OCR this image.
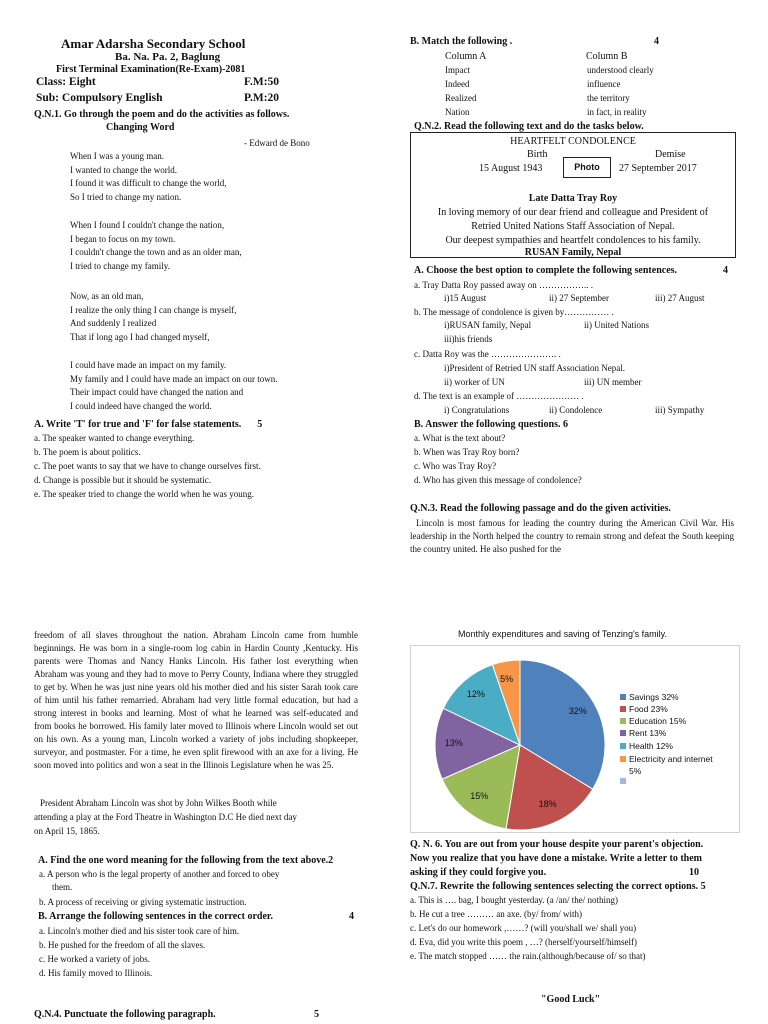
Amar Adarsha Secondary School
Ba. Na. Pa. 2, Baglung
First Terminal Examination(Re-Exam)-2081
Class: Eight	F.M:50
Sub: Compulsory English	P.M:20
Q.N.1. Go through the poem and do the activities as follows.
Changing Word
- Edward de Bono
When I was a young man.
I wanted to change the world.
I found it was difficult to change the world,
So I tried to change my nation.
When I found I couldn't change the nation,
I began to focus on my town.
I couldn't change the town and as an older man,
I tried to change my family.
Now, as an old man,
I realize the only thing I can change is myself,
And suddenly I realized
That if long ago I had changed myself,
I could have made an impact on my family.
My family and I could have made an impact on our town.
Their impact could have changed the nation and
I could indeed have changed the world.
A. Write 'T' for true and 'F' for false statements. 5
a. The speaker wanted to change everything.
b. The poem is about politics.
c. The poet wants to say that we have to change ourselves first.
d. Change is possible but it should be systematic.
e. The speaker tried to change the world when he was young.
B. Match the following .	4
Column A	Column B
Impact	understood clearly
Indeed	influence
Realized	the territory
Nation	in fact, in reality
Q.N.2. Read the following text and do the tasks below.
HEARTFELT CONDOLENCE
Birth
15 August 1943	Photo
Demise
27 September 2017
Late Datta Tray Roy
In loving memory of our dear friend and colleague and President of
Retried United Nations Staff Association of Nepal.
Our deepest sympathies and heartfelt condolences to his family.
RUSAN Family, Nepal
A. Choose the best option to complete the following sentences.	4
a. Tray Datta Roy passed away on …………….. .
i)15 August	ii) 27 September	iii) 27 August
b. The message of condolence is given by…………… .
i)RUSAN family, Nepal	ii) United Nations
iii)his friends
c. Datta Roy was the …………………. .
i)President of Retried UN staff Association Nepal.
ii) worker of UN	iii) UN member
d. The text is an example of ………………… .
i) Congratulations	ii) Condolence	iii) Sympathy
B. Answer the following questions. 6
a. What is the text about?
b. When was Tray Roy born?
c. Who was Tray Roy?
d. Who has given this message of condolence?
Q.N.3. Read the following passage and do the given activities.
Lincoln is most famous for leading the country during the American Civil War. His leadership in the North helped the country to remain strong and defeat the South keeping the country united. He also pushed for the
freedom of all slaves throughout the nation. Abraham Lincoln came from humble beginnings. He was born in a single-room log cabin in Hardin County ,Kentucky. His parents were Thomas and Nancy Hanks Lincoln. His father lost everything when Abraham was young and they had to move to Perry County, Indiana where they struggled to get by. When he was just nine years old his mother died and his sister Sarah took care of him until his father remarried. Abraham had very little formal education, but had a strong interest in books and learning. Most of what he learned was self-educated and from books he borrowed. His family later moved to Illinois where Lincoln would set out on his own. As a young man, Lincoln worked a variety of jobs including shopkeeper, surveyor, and postmaster. For a time, he even split firewood with an axe for a living. He soon moved into politics and won a seat in the Illinois Legislature when he was 25.
President Abraham Lincoln was shot by John Wilkes Booth while
attending a play at the Ford Theatre in Washington D.C He died next day
on April 15, 1865.
A. Find the one word meaning for the following from the text above.2
a. A person who is the legal property of another and forced to obey
them.
b. A process of receiving or giving systematic instruction.
B. Arrange the following sentences in the correct order.	4
a. Lincoln's mother died and his sister took care of him.
b. He pushed for the freedom of all the slaves.
c. He worked a variety of jobs.
d. His family moved to Illinois.
Q.N.4. Punctuate the following paragraph.	5
Monthly expenditures and saving of Tenzing's family.
32%
18%
15%
13%
12%
5%
Savings 32%
Food 23%
Education 15%
Rent 13%
Health 12%
Electricity and internet
5%
Q. N. 6. You are out from your house despite your parent's objection.
Now you realize that you have done a mistake. Write a letter to them
asking if they could forgive you.	10
Q.N.7. Rewrite the following sentences selecting the correct options. 5
a. This is …. bag, I bought yesterday. (a /an/ the/ nothing)
b. He cut a tree ……… an axe. (by/ from/ with)
c. Let's do our homework ,……? (will you/shall we/ shall you)
d. Eva, did you write this poem , …? (herself/yourself/himself)
e. The match stopped …… the rain.(although/because of/ so that)
"Good Luck"
